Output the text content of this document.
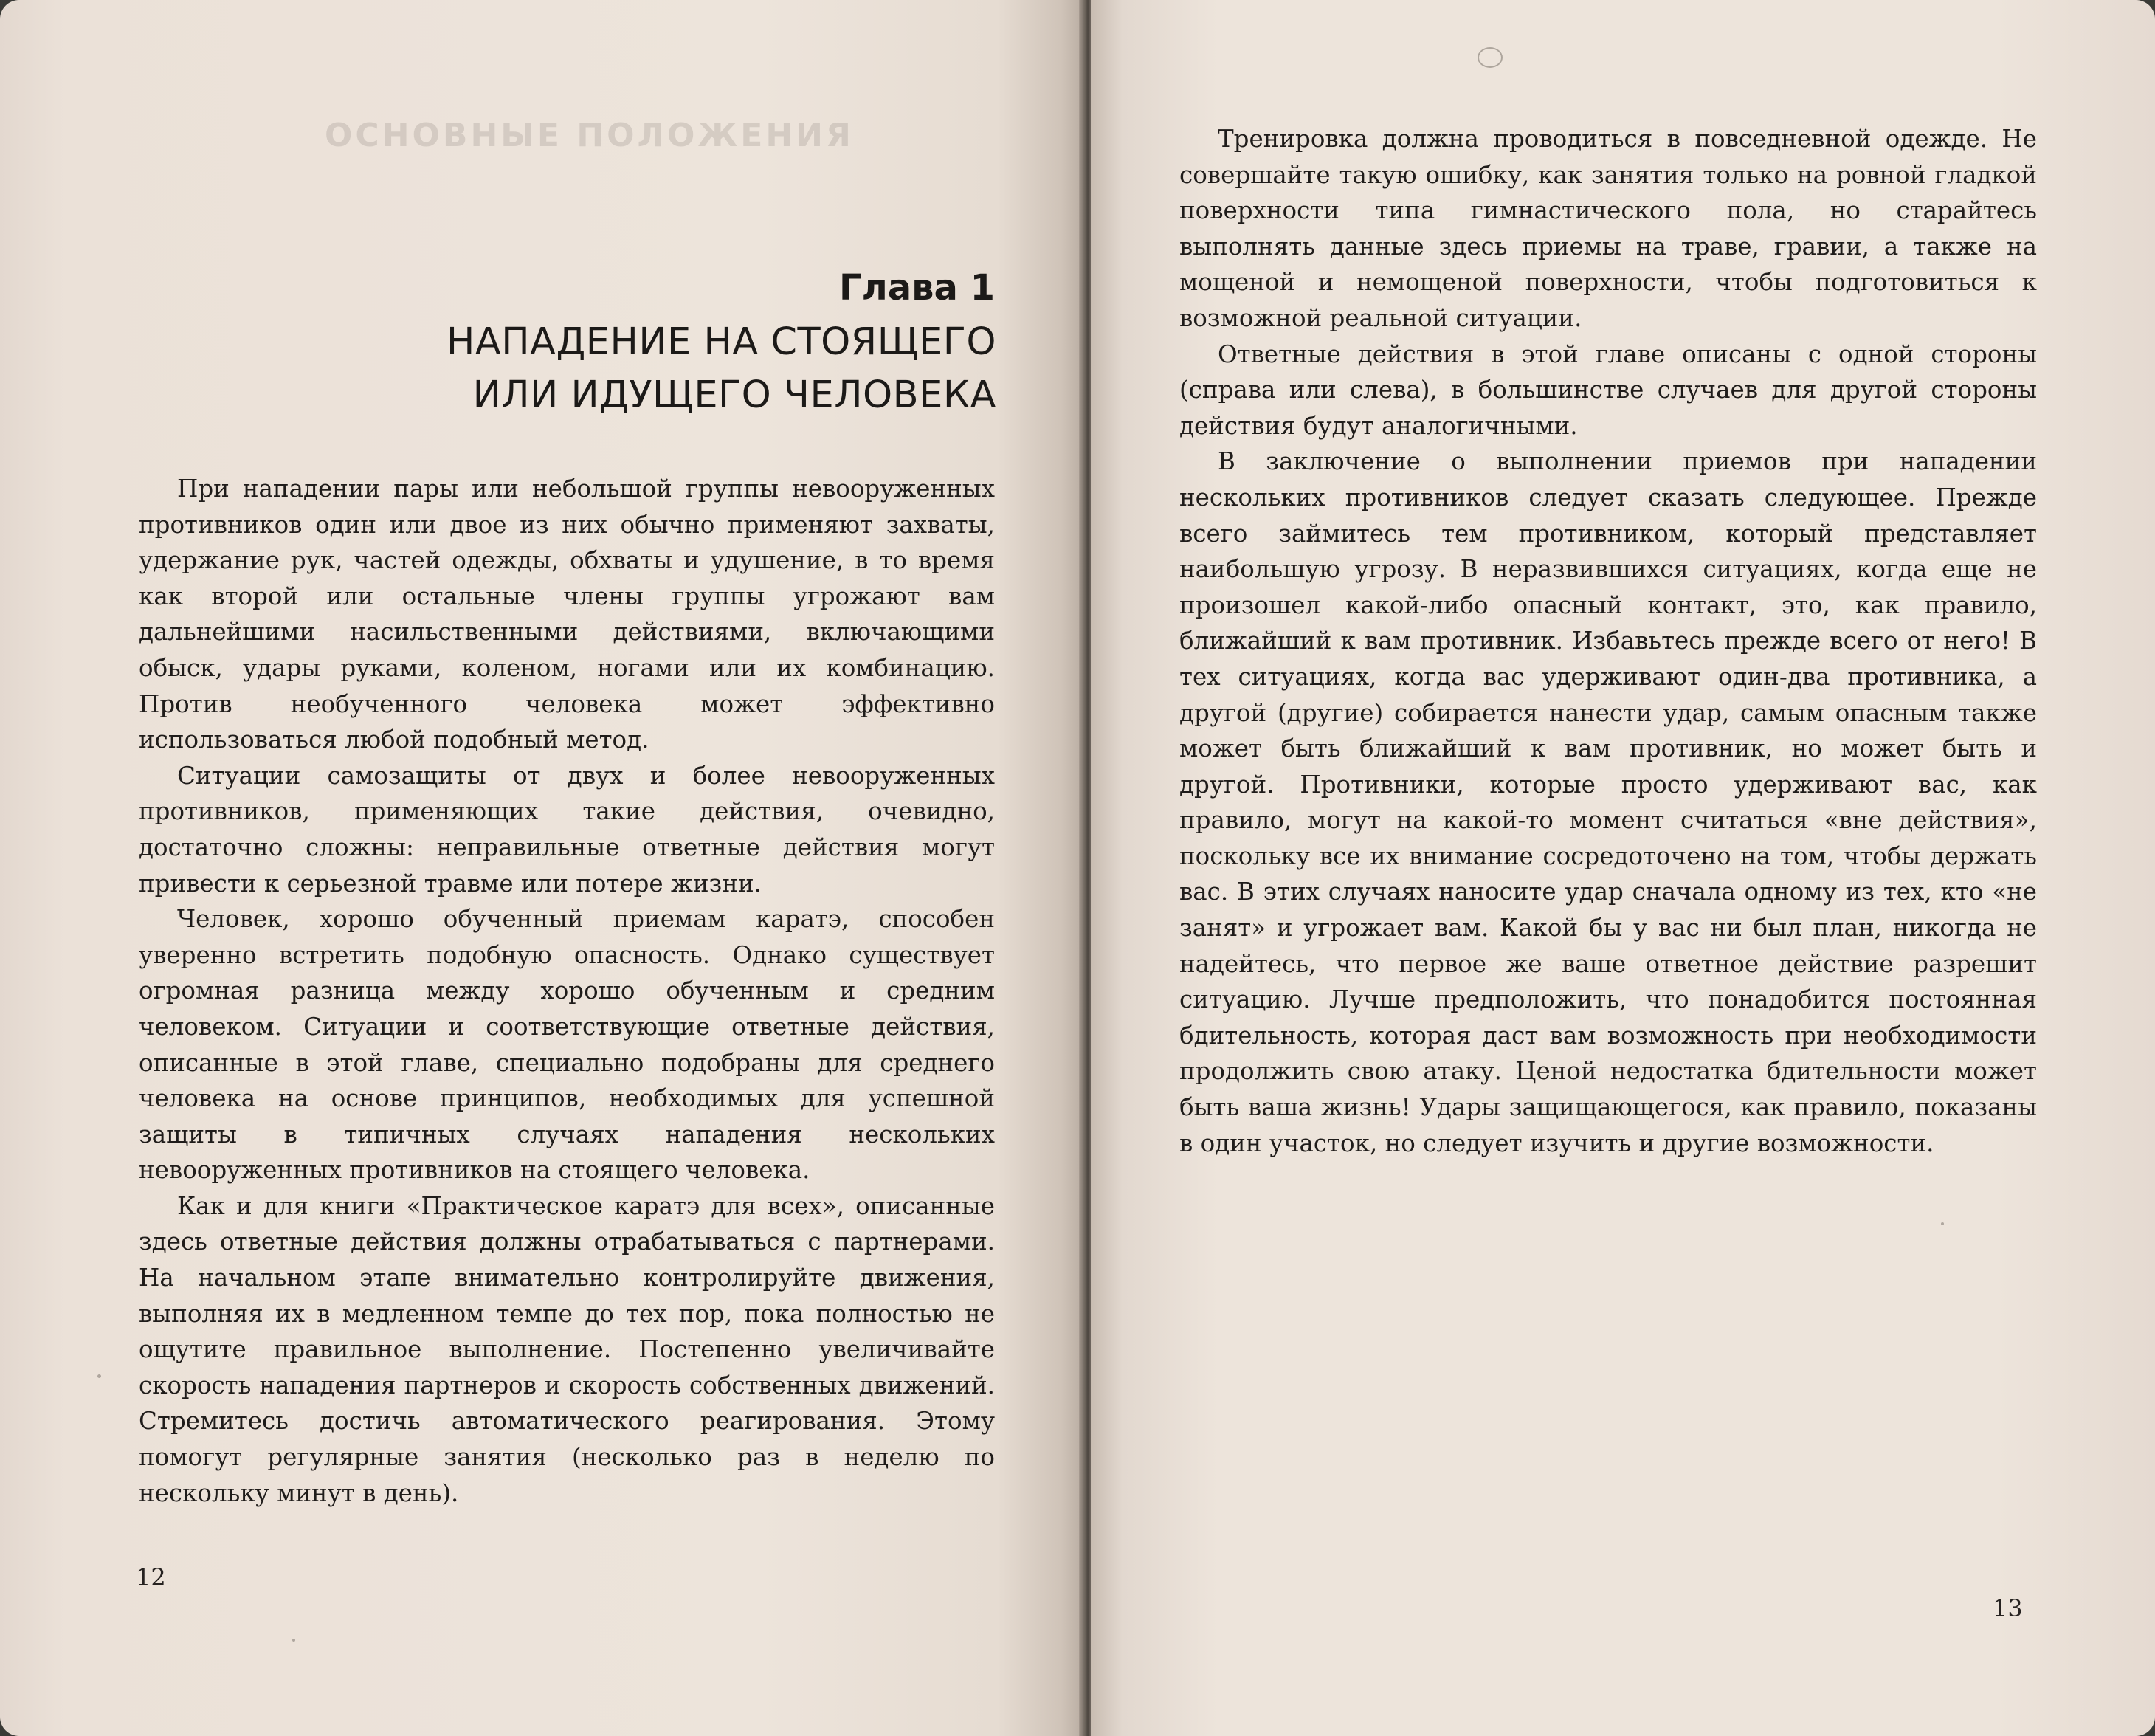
ОСНОВНЫЕ ПОЛОЖЕНИЯ
Глава 1
НАПАДЕНИЕ НА СТОЯЩЕГО
ИЛИ ИДУЩЕГО ЧЕЛОВЕКА

При нападении пары или небольшой группы невооруженных противников один или двое из них обычно применяют захваты, удержание рук, частей одежды, обхваты и удушение, в то время как второй или остальные члены группы угрожают вам дальнейшими насильственными действиями, включающими обыск, удары руками, коленом, ногами или их комбинацию. Против необученного человека может эффективно использоваться любой подобный метод.

Ситуации самозащиты от двух и более невооруженных противников, применяющих такие действия, очевидно, достаточно сложны: неправильные ответные действия могут привести к серьезной травме или потере жизни.

Человек, хорошо обученный приемам каратэ, способен уверенно встретить подобную опасность. Однако существует огромная разница между хорошо обученным и средним человеком. Ситуации и соответствующие ответные действия, описанные в этой главе, специально подобраны для среднего человека на основе принципов, необходимых для успешной защиты в типичных случаях нападения нескольких невооруженных противников на стоящего человека.

Как и для книги «Практическое каратэ для всех», описанные здесь ответные действия должны отрабатываться с партнерами. На начальном этапе внимательно контролируйте движения, выполняя их в медленном темпе до тех пор, пока полностью не ощутите правильное выполнение. Постепенно увеличивайте скорость нападения партнеров и скорость собственных движений. Стремитесь достичь автоматического реагирования. Этому помогут регулярные занятия (несколько раз в неделю по нескольку минут в день).

12

Тренировка должна проводиться в повседневной одежде. Не совершайте такую ошибку, как занятия только на ровной гладкой поверхности типа гимнастического пола, но старайтесь выполнять данные здесь приемы на траве, гравии, а также на мощеной и немощеной поверхности, чтобы подготовиться к возможной реальной ситуации.

Ответные действия в этой главе описаны с одной стороны (справа или слева), в большинстве случаев для другой стороны действия будут аналогичными.

В заключение о выполнении приемов при нападении нескольких противников следует сказать следующее. Прежде всего займитесь тем противником, который представляет наибольшую угрозу. В неразвившихся ситуациях, когда еще не произошел какой-либо опасный контакт, это, как правило, ближайший к вам противник. Избавьтесь прежде всего от него! В тех ситуациях, когда вас удерживают один-два противника, а другой (другие) собирается нанести удар, самым опасным также может быть ближайший к вам противник, но может быть и другой. Противники, которые просто удерживают вас, как правило, могут на какой-то момент считаться «вне действия», поскольку все их внимание сосредоточено на том, чтобы держать вас. В этих случаях наносите удар сначала одному из тех, кто «не занят» и угрожает вам. Какой бы у вас ни был план, никогда не надейтесь, что первое же ваше ответное действие разрешит ситуацию. Лучше предположить, что понадобится постоянная бдительность, которая даст вам возможность при необходимости продолжить свою атаку. Ценой недостатка бдительности может быть ваша жизнь! Удары защищающегося, как правило, показаны в один участок, но следует изучить и другие возможности.

13
